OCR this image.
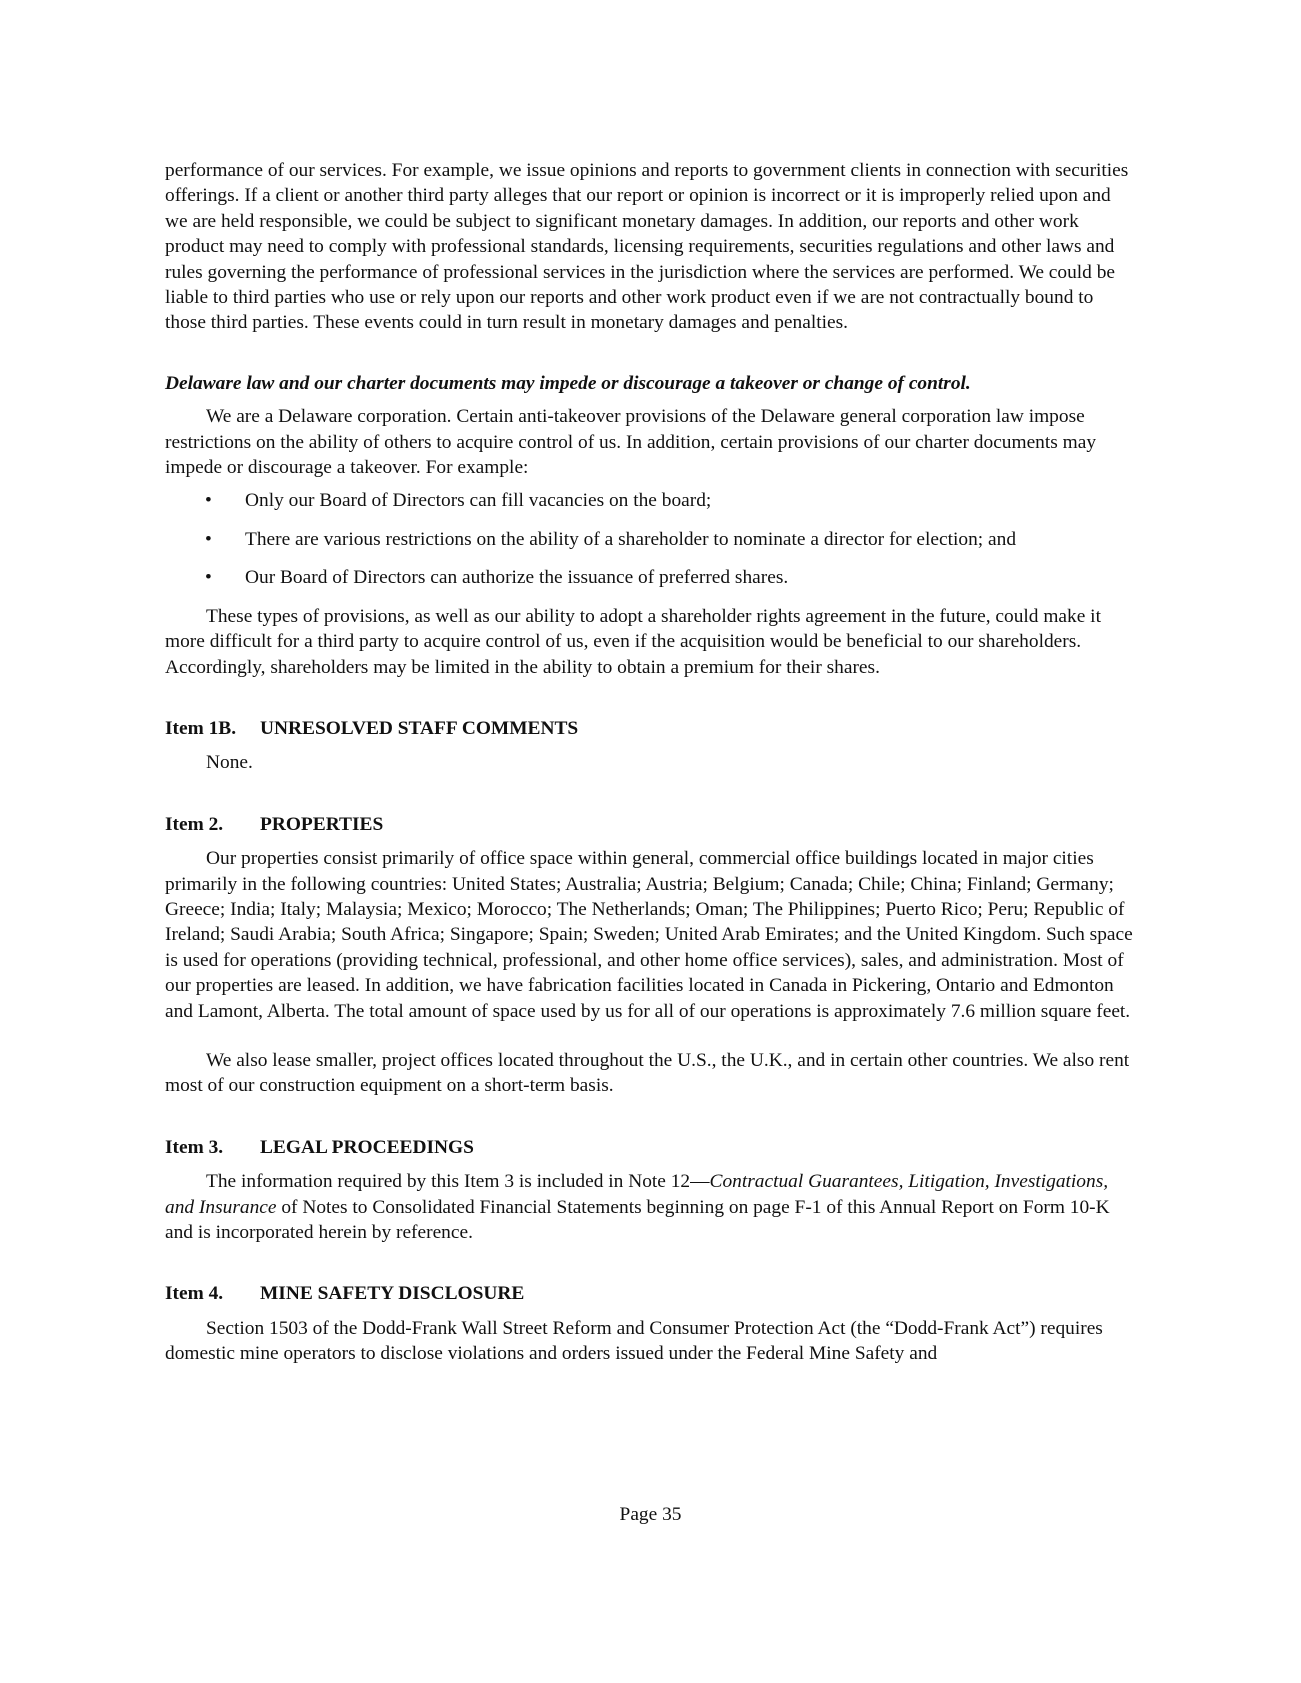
performance of our services. For example, we issue opinions and reports to government clients in connection with securities offerings. If a client or another third party alleges that our report or opinion is incorrect or it is improperly relied upon and we are held responsible, we could be subject to significant monetary damages. In addition, our reports and other work product may need to comply with professional standards, licensing requirements, securities regulations and other laws and rules governing the performance of professional services in the jurisdiction where the services are performed. We could be liable to third parties who use or rely upon our reports and other work product even if we are not contractually bound to those third parties. These events could in turn result in monetary damages and penalties.

Delaware law and our charter documents may impede or discourage a takeover or change of control.

We are a Delaware corporation. Certain anti-takeover provisions of the Delaware general corporation law impose restrictions on the ability of others to acquire control of us. In addition, certain provisions of our charter documents may impede or discourage a takeover. For example:

•	Only our Board of Directors can fill vacancies on the board;
•	There are various restrictions on the ability of a shareholder to nominate a director for election; and
•	Our Board of Directors can authorize the issuance of preferred shares.

These types of provisions, as well as our ability to adopt a shareholder rights agreement in the future, could make it more difficult for a third party to acquire control of us, even if the acquisition would be beneficial to our shareholders. Accordingly, shareholders may be limited in the ability to obtain a premium for their shares.

Item 1B.	UNRESOLVED STAFF COMMENTS

None.

Item 2.	PROPERTIES

Our properties consist primarily of office space within general, commercial office buildings located in major cities primarily in the following countries: United States; Australia; Austria; Belgium; Canada; Chile; China; Finland; Germany; Greece; India; Italy; Malaysia; Mexico; Morocco; The Netherlands; Oman; The Philippines; Puerto Rico; Peru; Republic of Ireland; Saudi Arabia; South Africa; Singapore; Spain; Sweden; United Arab Emirates; and the United Kingdom. Such space is used for operations (providing technical, professional, and other home office services), sales, and administration. Most of our properties are leased. In addition, we have fabrication facilities located in Canada in Pickering, Ontario and Edmonton and Lamont, Alberta. The total amount of space used by us for all of our operations is approximately 7.6 million square feet.

We also lease smaller, project offices located throughout the U.S., the U.K., and in certain other countries. We also rent most of our construction equipment on a short-term basis.

Item 3.	LEGAL PROCEEDINGS

The information required by this Item 3 is included in Note 12—Contractual Guarantees, Litigation, Investigations, and Insurance of Notes to Consolidated Financial Statements beginning on page F-1 of this Annual Report on Form 10-K and is incorporated herein by reference.

Item 4.	MINE SAFETY DISCLOSURE

Section 1503 of the Dodd-Frank Wall Street Reform and Consumer Protection Act (the “Dodd-Frank Act”) requires domestic mine operators to disclose violations and orders issued under the Federal Mine Safety and

Page 35
